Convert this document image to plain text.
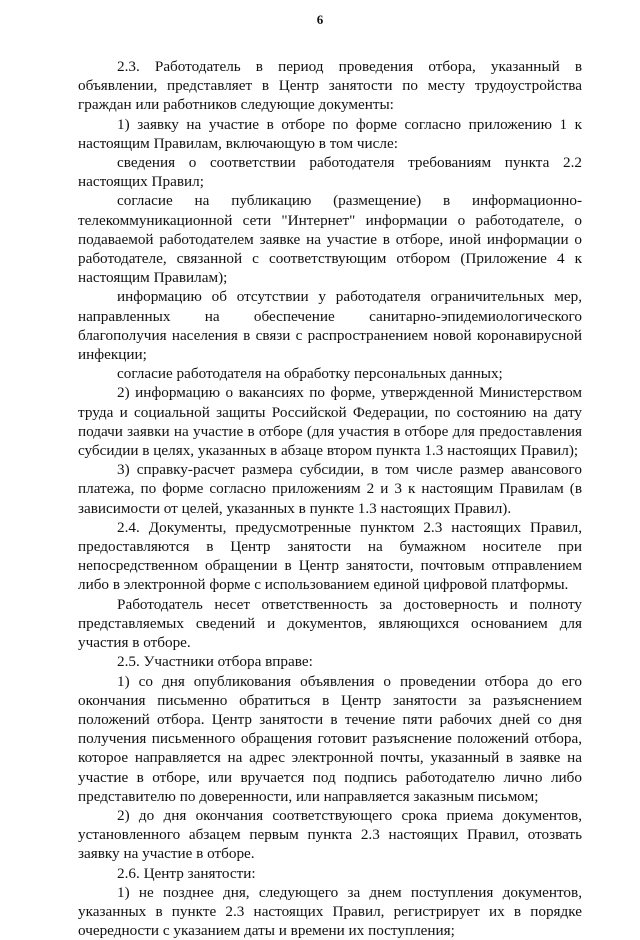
6

2.3. Работодатель в период проведения отбора, указанный в объявлении, представляет в Центр занятости по месту трудоустройства граждан или работников следующие документы:

1) заявку на участие в отборе по форме согласно приложению 1 к настоящим Правилам, включающую в том числе:

сведения о соответствии работодателя требованиям пункта 2.2 настоящих Правил;

согласие на публикацию (размещение) в информационно-телекоммуникационной сети "Интернет" информации о работодателе, о подаваемой работодателем заявке на участие в отборе, иной информации о работодателе, связанной с соответствующим отбором (Приложение 4 к настоящим Правилам);

информацию об отсутствии у работодателя ограничительных мер, направленных на обеспечение санитарно-эпидемиологического благополучия населения в связи с распространением новой коронавирусной инфекции;

согласие работодателя на обработку персональных данных;

2) информацию о вакансиях по форме, утвержденной Министерством труда и социальной защиты Российской Федерации, по состоянию на дату подачи заявки на участие в отборе (для участия в отборе для предоставления субсидии в целях, указанных в абзаце втором пункта 1.3 настоящих Правил);

3) справку-расчет размера субсидии, в том числе размер авансового платежа, по форме согласно приложениям 2 и 3 к настоящим Правилам (в зависимости от целей, указанных в пункте 1.3 настоящих Правил).

2.4. Документы, предусмотренные пунктом 2.3 настоящих Правил, предоставляются в Центр занятости на бумажном носителе при непосредственном обращении в Центр занятости, почтовым отправлением либо в электронной форме с использованием единой цифровой платформы.

Работодатель несет ответственность за достоверность и полноту представляемых сведений и документов, являющихся основанием для участия в отборе.

2.5. Участники отбора вправе:

1) со дня опубликования объявления о проведении отбора до его окончания письменно обратиться в Центр занятости за разъяснением положений отбора. Центр занятости в течение пяти рабочих дней со дня получения письменного обращения готовит разъяснение положений отбора, которое направляется на адрес электронной почты, указанный в заявке на участие в отборе, или вручается под подпись работодателю лично либо представителю по доверенности, или направляется заказным письмом;

2) до дня окончания соответствующего срока приема документов, установленного абзацем первым пункта 2.3 настоящих Правил, отозвать заявку на участие в отборе.

2.6. Центр занятости:

1) не позднее дня, следующего за днем поступления документов, указанных в пункте 2.3 настоящих Правил, регистрирует их в порядке очередности с указанием даты и времени их поступления;
